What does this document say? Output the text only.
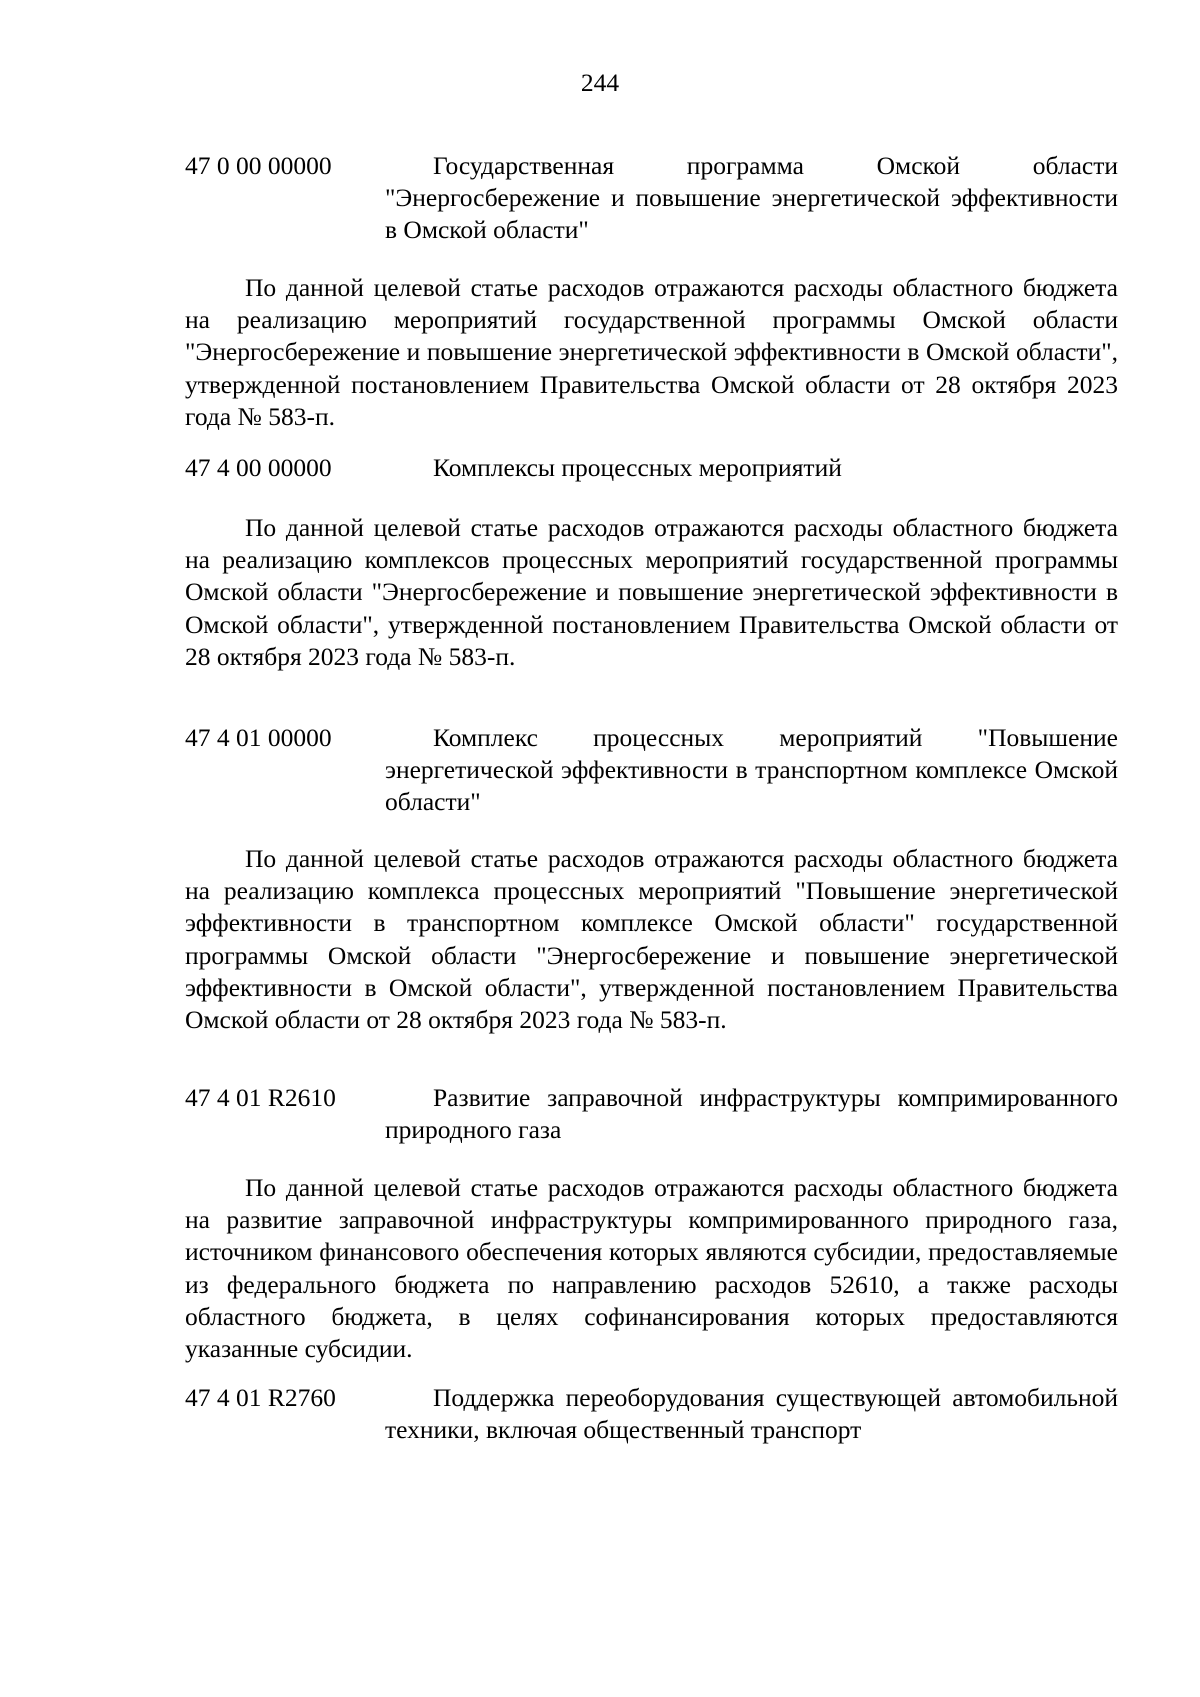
244
47 0 00 00000	Государственная программа Омской области "Энергосбережение и повышение энергетической эффективности в Омской области"
По данной целевой статье расходов отражаются расходы областного бюджета на реализацию мероприятий государственной программы Омской области "Энергосбережение и повышение энергетической эффективности в Омской области", утвержденной постановлением Правительства Омской области от 28 октября 2023 года № 583-п.
47 4 00 00000	Комплексы процессных мероприятий
По данной целевой статье расходов отражаются расходы областного бюджета на реализацию комплексов процессных мероприятий государственной программы Омской области "Энергосбережение и повышение энергетической эффективности в Омской области", утвержденной постановлением Правительства Омской области от 28 октября 2023 года № 583-п.
47 4 01 00000	Комплекс процессных мероприятий "Повышение энергетической эффективности в транспортном комплексе Омской области"
По данной целевой статье расходов отражаются расходы областного бюджета на реализацию комплекса процессных мероприятий "Повышение энергетической эффективности в транспортном комплексе Омской области" государственной программы Омской области "Энергосбережение и повышение энергетической эффективности в Омской области", утвержденной постановлением Правительства Омской области от 28 октября 2023 года № 583-п.
47 4 01 R2610	Развитие заправочной инфраструктуры компримированного природного газа
По данной целевой статье расходов отражаются расходы областного бюджета на развитие заправочной инфраструктуры компримированного природного газа, источником финансового обеспечения которых являются субсидии, предоставляемые из федерального бюджета по направлению расходов 52610, а также расходы областного бюджета, в целях софинансирования которых предоставляются указанные субсидии.
47 4 01 R2760	Поддержка переоборудования существующей автомобильной техники, включая общественный транспорт
